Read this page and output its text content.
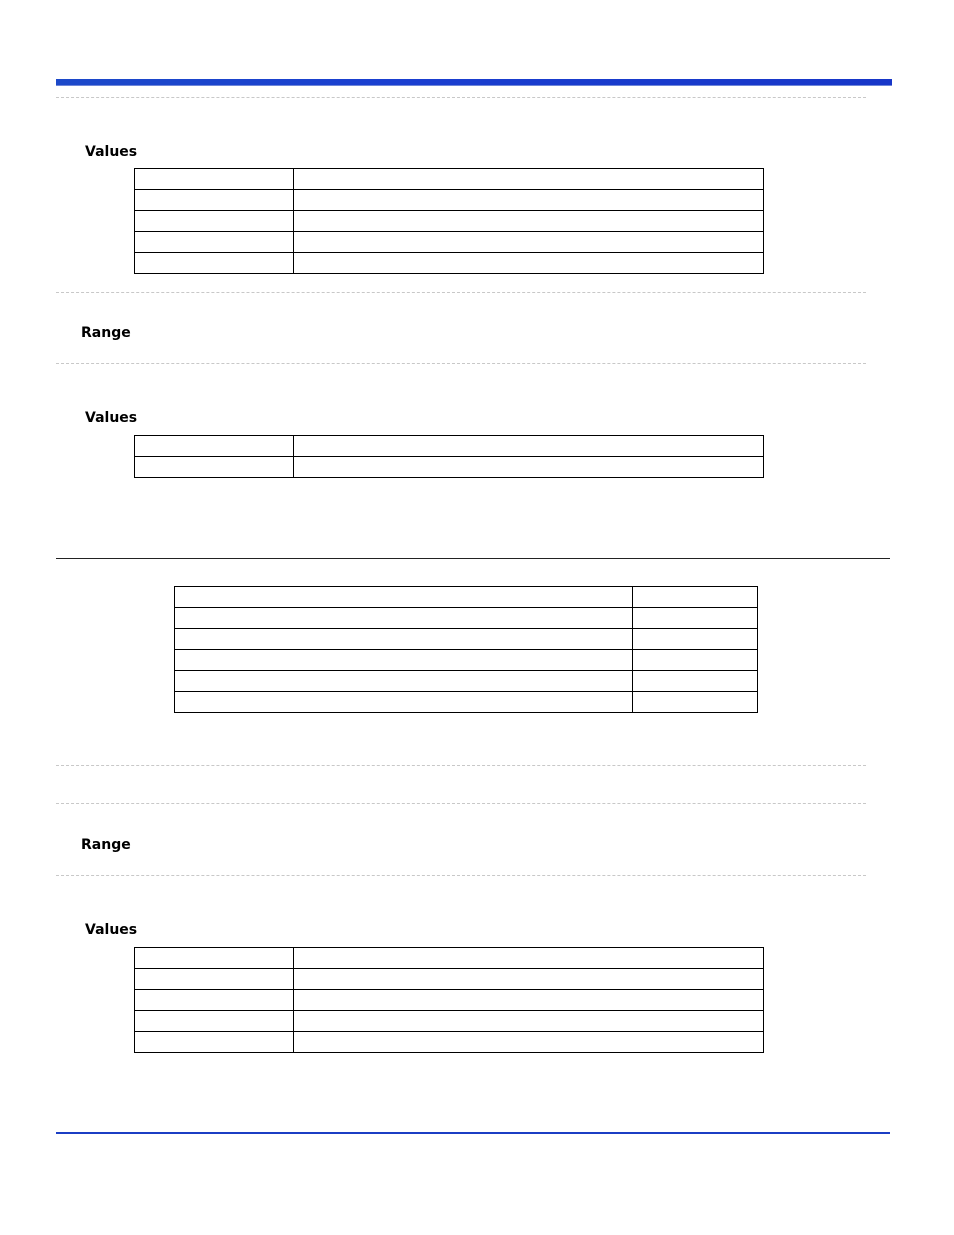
Values

Range
Values

Range
Values
